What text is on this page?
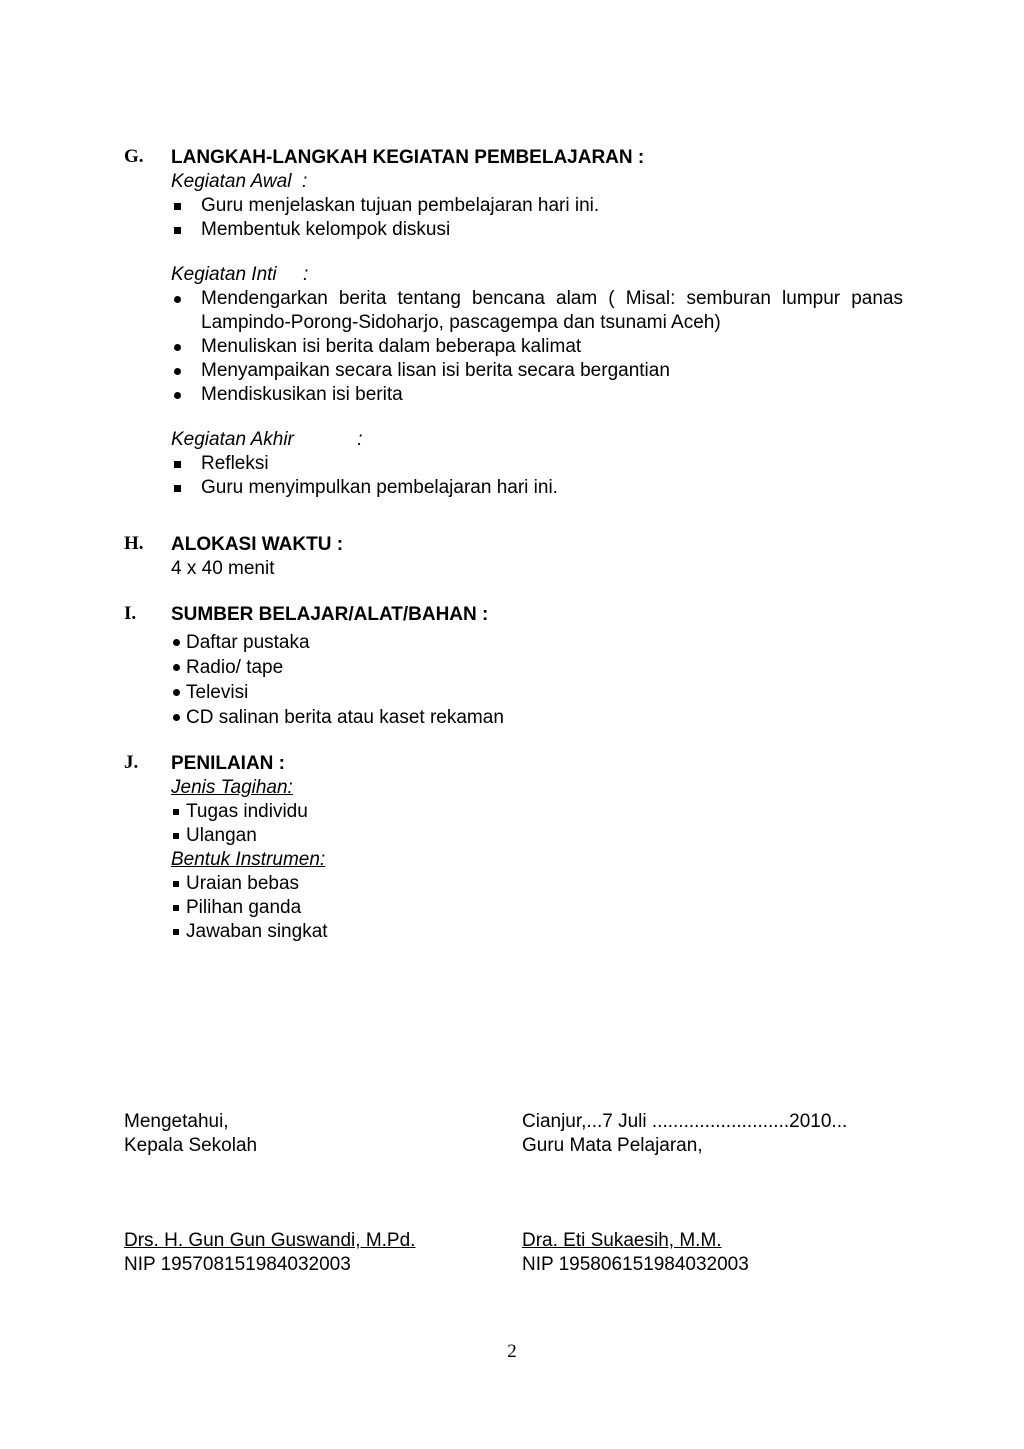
G. LANGKAH-LANGKAH KEGIATAN PEMBELAJARAN :
Kegiatan Awal  :
Guru menjelaskan tujuan pembelajaran hari ini.
Membentuk kelompok diskusi
Kegiatan Inti     :
Mendengarkan berita tentang bencana alam ( Misal: semburan lumpur panas Lampindo-Porong-Sidoharjo, pascagempa dan tsunami Aceh)
Menuliskan isi berita dalam beberapa kalimat
Menyampaikan secara lisan isi berita secara bergantian
Mendiskusikan isi berita
Kegiatan Akhir            :
Refleksi
Guru menyimpulkan pembelajaran hari ini.
H. ALOKASI WAKTU :
4 x 40 menit
I. SUMBER BELAJAR/ALAT/BAHAN :
Daftar pustaka
Radio/ tape
Televisi
CD salinan berita atau kaset rekaman
J. PENILAIAN :
Jenis Tagihan:
Tugas individu
Ulangan
Bentuk Instrumen:
Uraian bebas
Pilihan ganda
Jawaban singkat
Mengetahui,
Kepala Sekolah
Cianjur,...7 Juli ..........................2010...
Guru Mata Pelajaran,
Drs. H. Gun Gun Guswandi, M.Pd.
NIP 195708151984032003
Dra. Eti Sukaesih, M.M.
NIP 195806151984032003
2
